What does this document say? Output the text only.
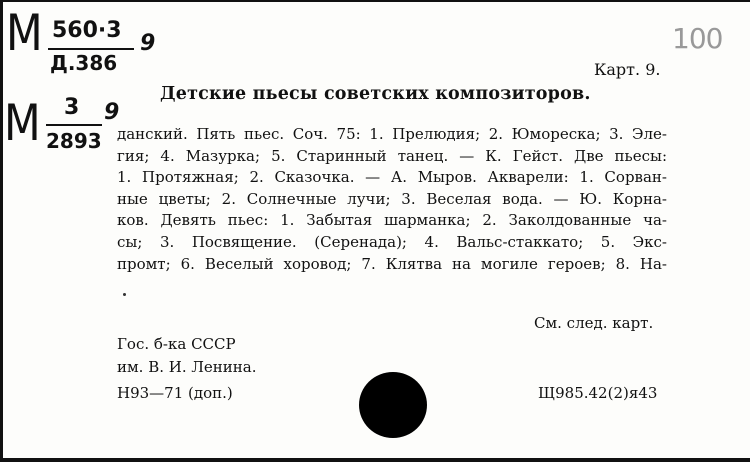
М 560·3
Д.386
9
М 3
2893
9
100
Карт. 9.
Детские пьесы советских композиторов.
данский. Пять пьес. Соч. 75: 1. Прелюдия; 2. Юмореска; 3. Эле-
гия; 4. Мазурка; 5. Старинный танец. — К. Гейст. Две пьесы:
1. Протяжная; 2. Сказочка. — А. Мыров. Акварели: 1. Сорван-
ные цветы; 2. Солнечные лучи; 3. Веселая вода. — Ю. Корна-
ков. Девять пьес: 1. Забытая шарманка; 2. Заколдованные ча-
сы; 3. Посвящение. (Серенада); 4. Вальс-стаккато; 5. Экс-
промт; 6. Веселый хоровод; 7. Клятва на могиле героев; 8. На-
См. след. карт.
Гос. б-ка СССР
им. В. И. Ленина.
Н93—71 (доп.)	Щ985.42(2)я43
